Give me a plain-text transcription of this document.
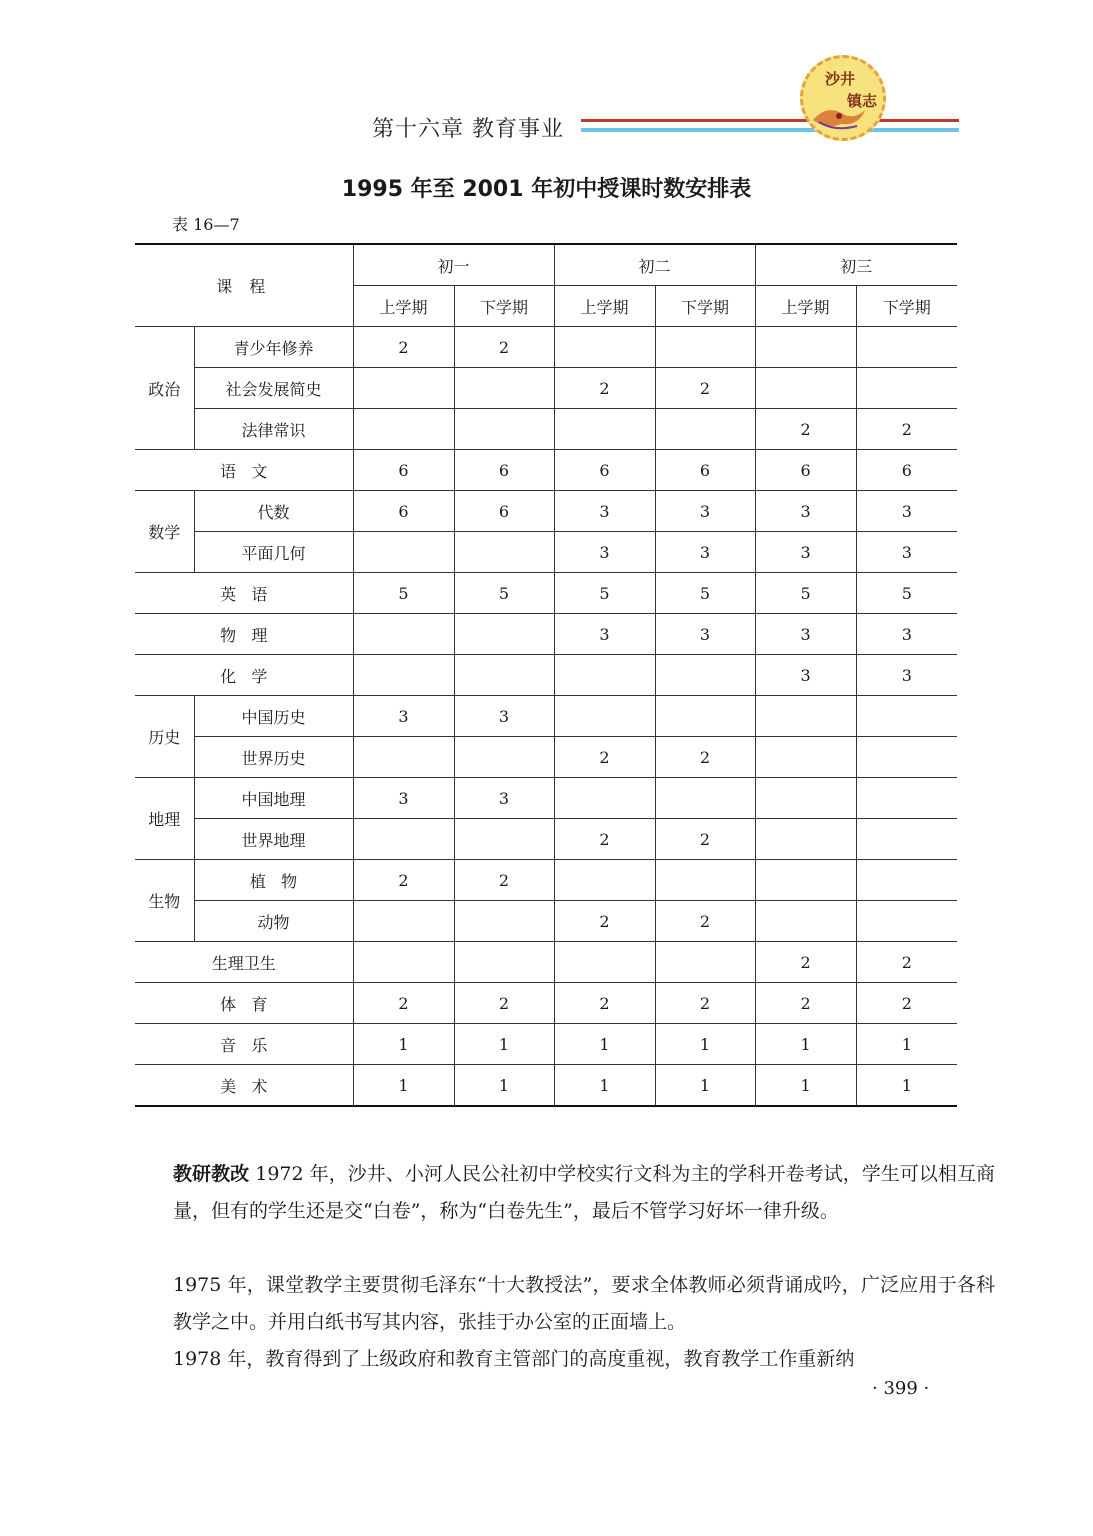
第十六章 教育事业
沙井
镇志
1995 年至 2001 年初中授课时数安排表
表 16—7
课 程		初一		初二		初三	
		上学期	下学期	上学期	下学期	上学期	下学期
政治	青少年修养	2	2				
	社会发展简史			2	2		
	法律常识					2	2
语   文		6	6	6	6	6	6
数学	代数	6	6	3	3	3	3
	平面几何			3	3	3	3
英   语		5	5	5	5	5	5
物   理				3	3	3	3
化   学						3	3
历史	中国历史	3	3				
	世界历史			2	2		
地理	中国地理	3	3				
	世界地理			2	2		
生物	植   物	2	2				
	动物			2	2		
生理卫生						2	2
体   育		2	2	2	2	2	2
音   乐		1	1	1	1	1	1
美   术		1	1	1	1	1	1
教研教改 1972 年，沙井、小河人民公社初中学校实行文科为主的学科开卷考试，学生可以相互商量，但有的学生还是交“白卷”，称为“白卷先生”，最后不管学习好坏一律升级。
1975 年，课堂教学主要贯彻毛泽东“十大教授法”，要求全体教师必须背诵成吟，广泛应用于各科教学之中。并用白纸书写其内容，张挂于办公室的正面墙上。
1978 年，教育得到了上级政府和教育主管部门的高度重视，教育教学工作重新纳
· 399 ·
